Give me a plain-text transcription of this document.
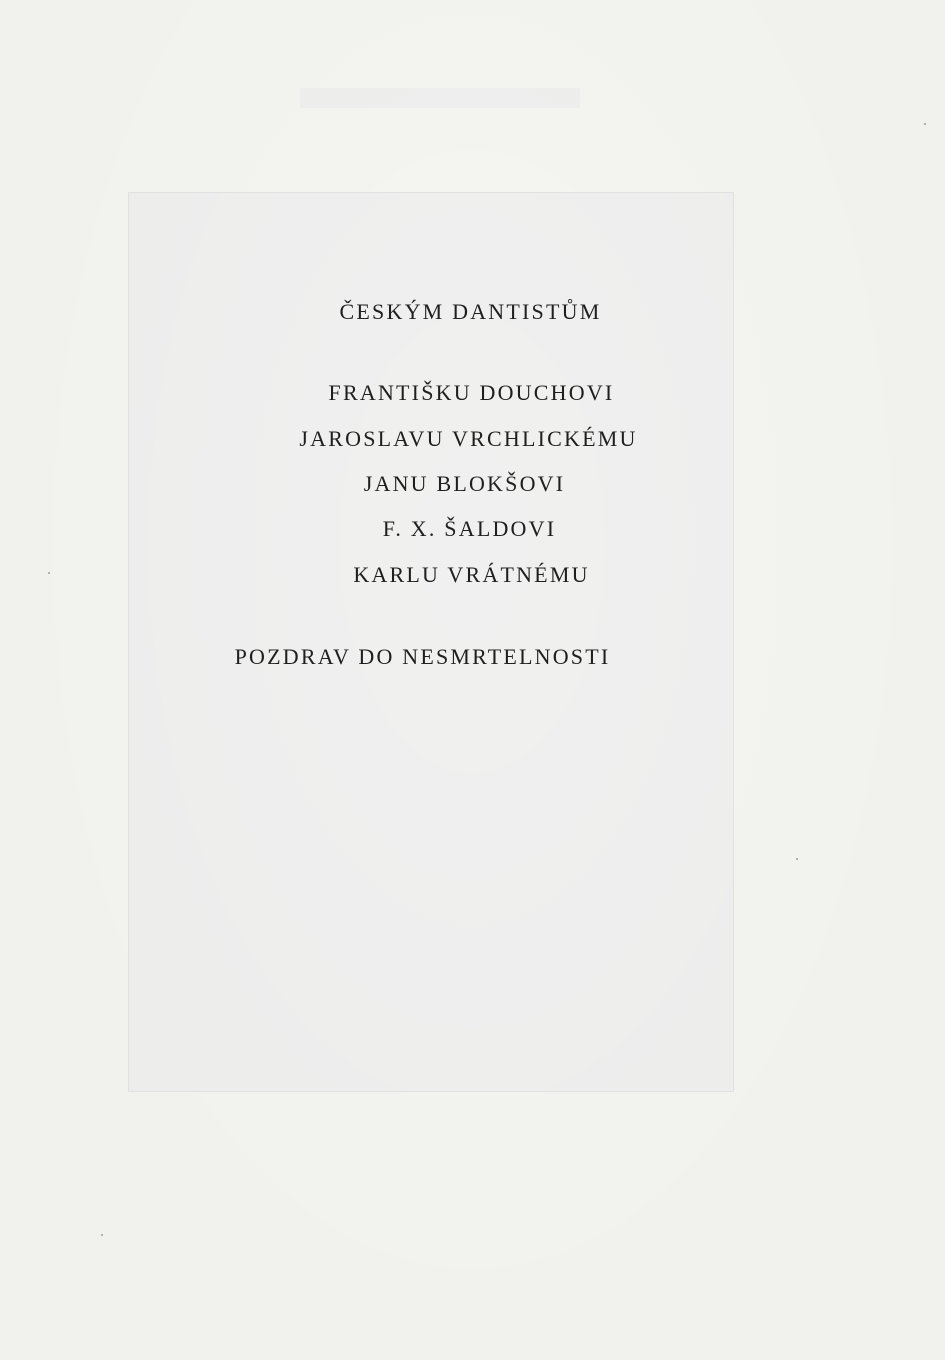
ČESKÝM DANTISTŮM
FRANTIŠKU DOUCHOVI
JAROSLAVU VRCHLICKÉMU
JANU BLOKŠOVI
F. X. ŠALDOVI
KARLU VRÁTNÉMU
POZDRAV DO NESMRTELNOSTI
